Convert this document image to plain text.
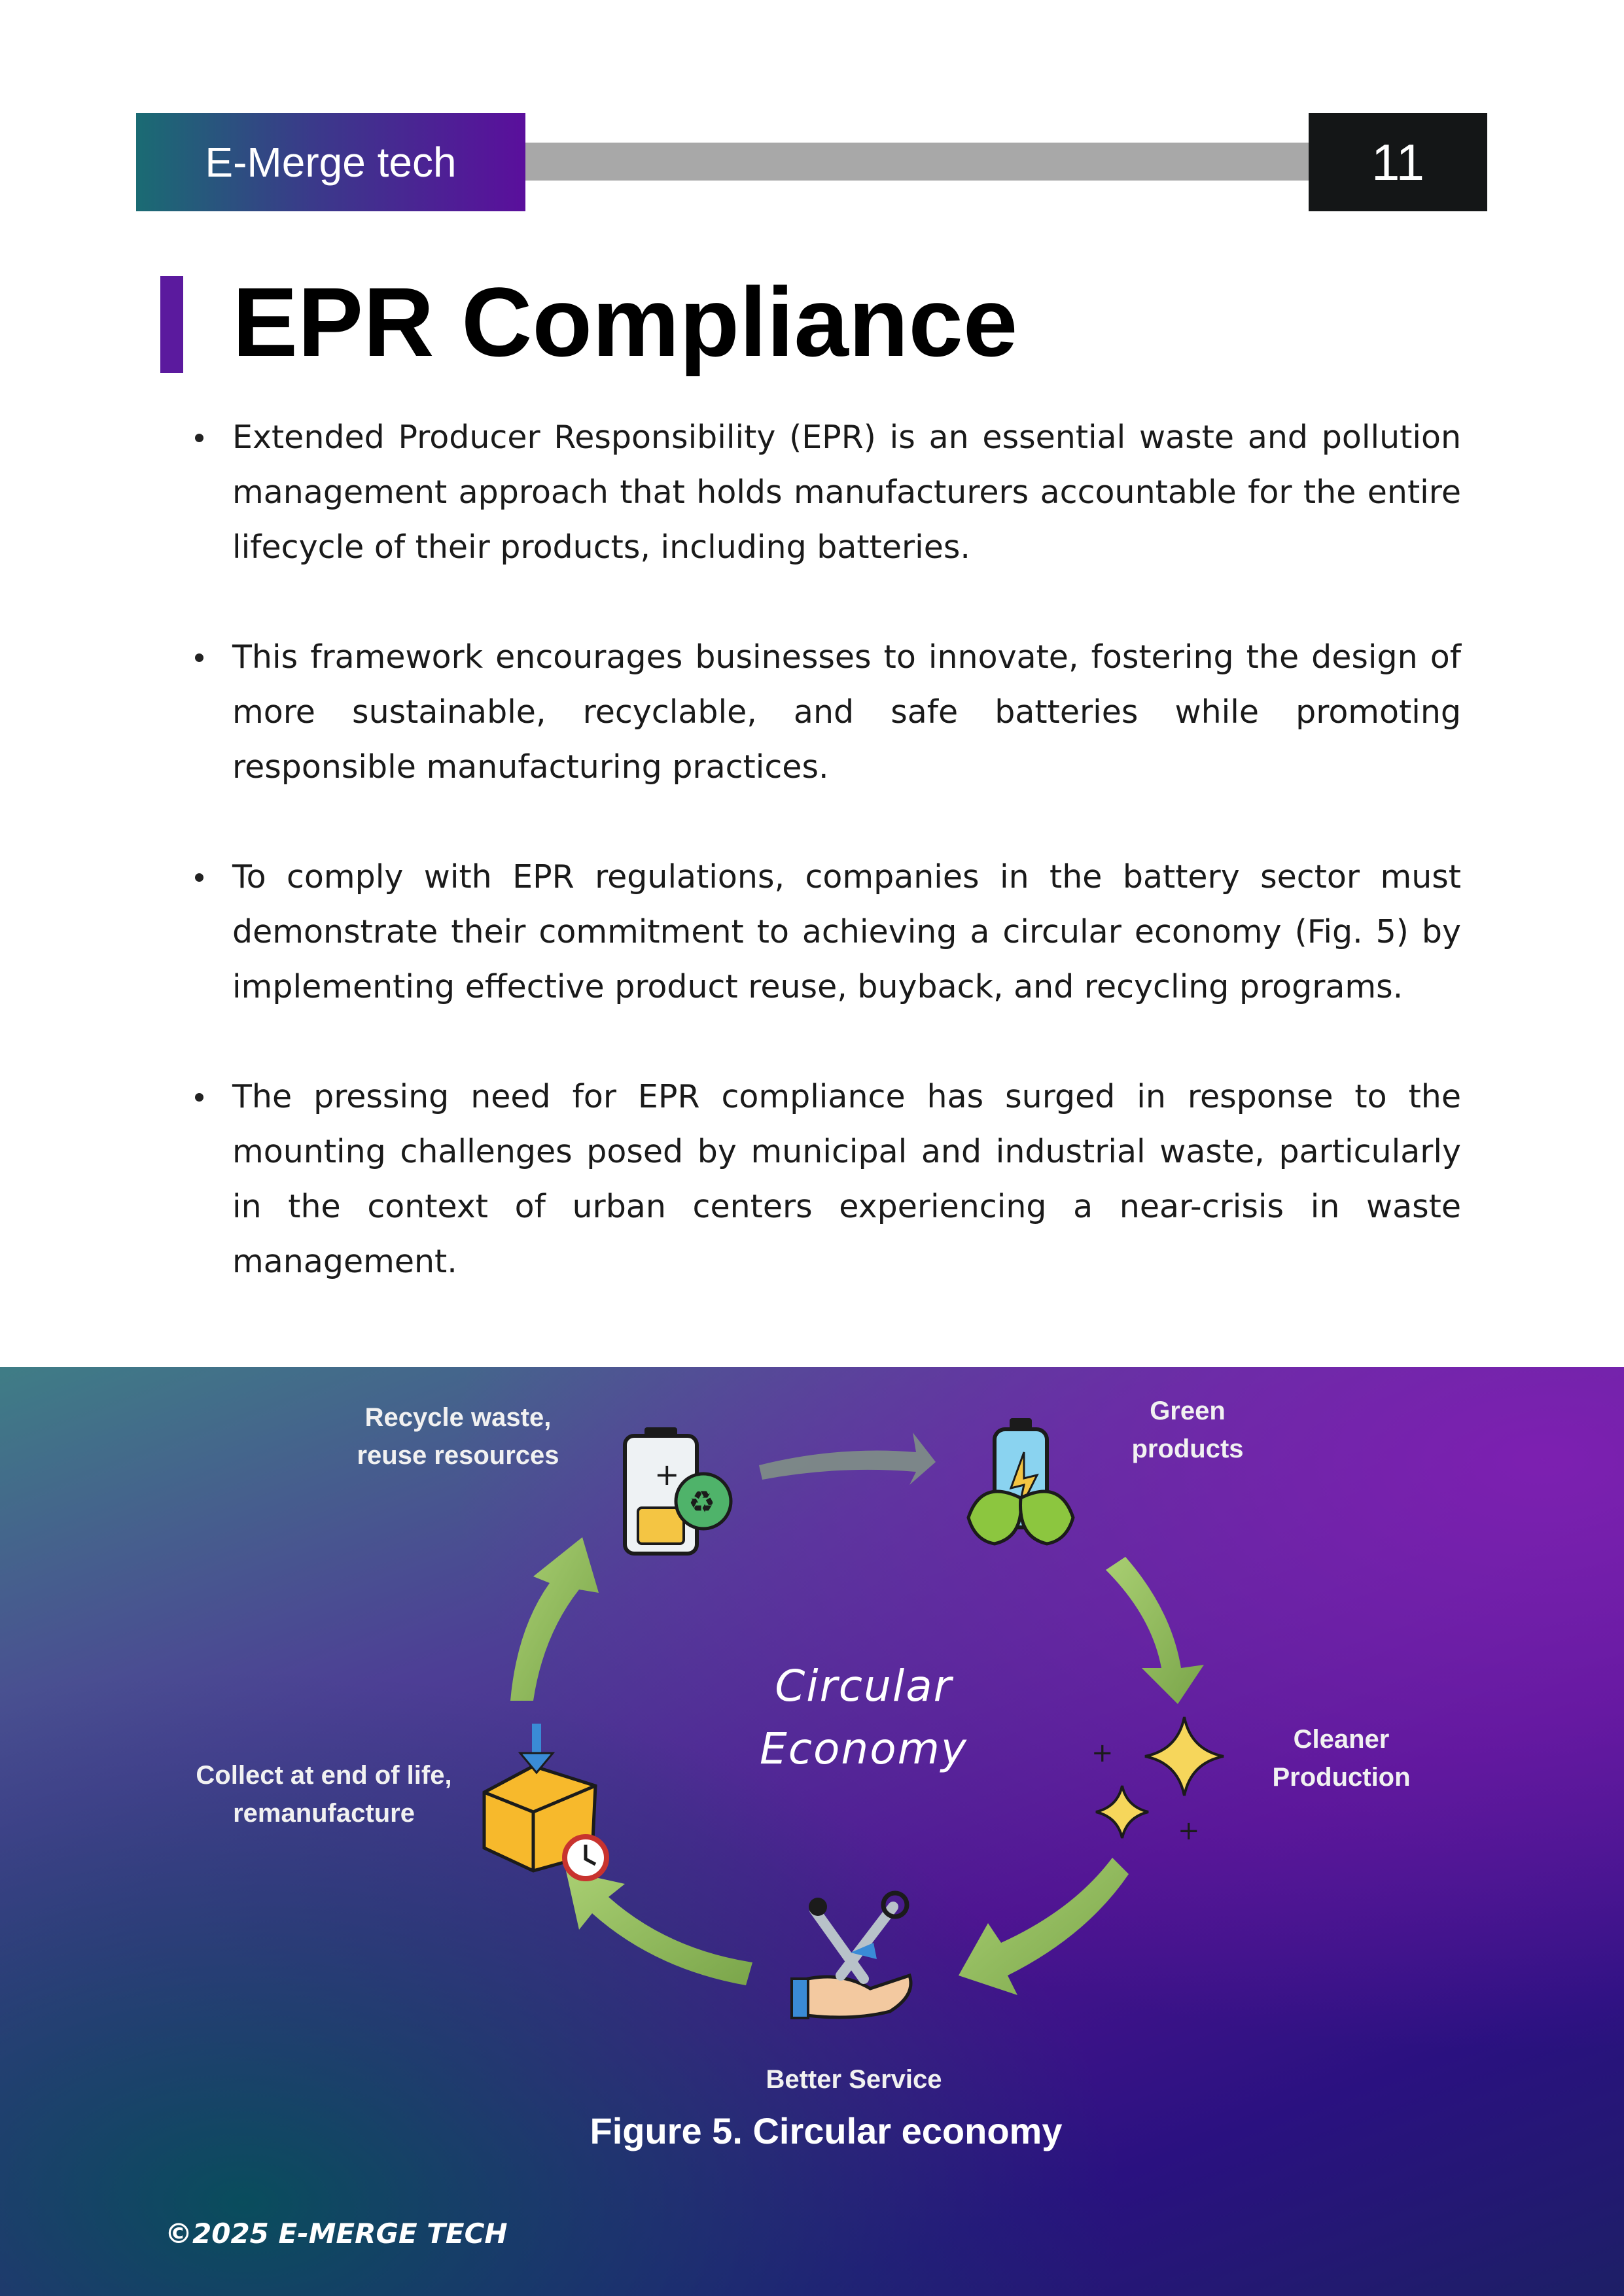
E-Merge tech	11
EPR Compliance
Extended Producer Responsibility (EPR) is an essential waste and pollution management approach that holds manufacturers accountable for the entire lifecycle of their products, including batteries.
This framework encourages businesses to innovate, fostering the design of more sustainable, recyclable, and safe batteries while promoting responsible manufacturing practices.
To comply with EPR regulations, companies in the battery sector must demonstrate their commitment to achieving a circular economy (Fig. 5) by implementing effective product reuse, buyback, and recycling programs.
The pressing need for EPR compliance has surged in response to the mounting challenges posed by municipal and industrial waste, particularly in the context of urban centers experiencing a near-crisis in waste management.
+
♻
+
+
Recycle waste,
reuse resources
Green
products
Cleaner
Production
Better Service
Collect at end of life,
remanufacture
Circular
Economy
Figure 5. Circular economy
©2025 E-MERGE TECH
